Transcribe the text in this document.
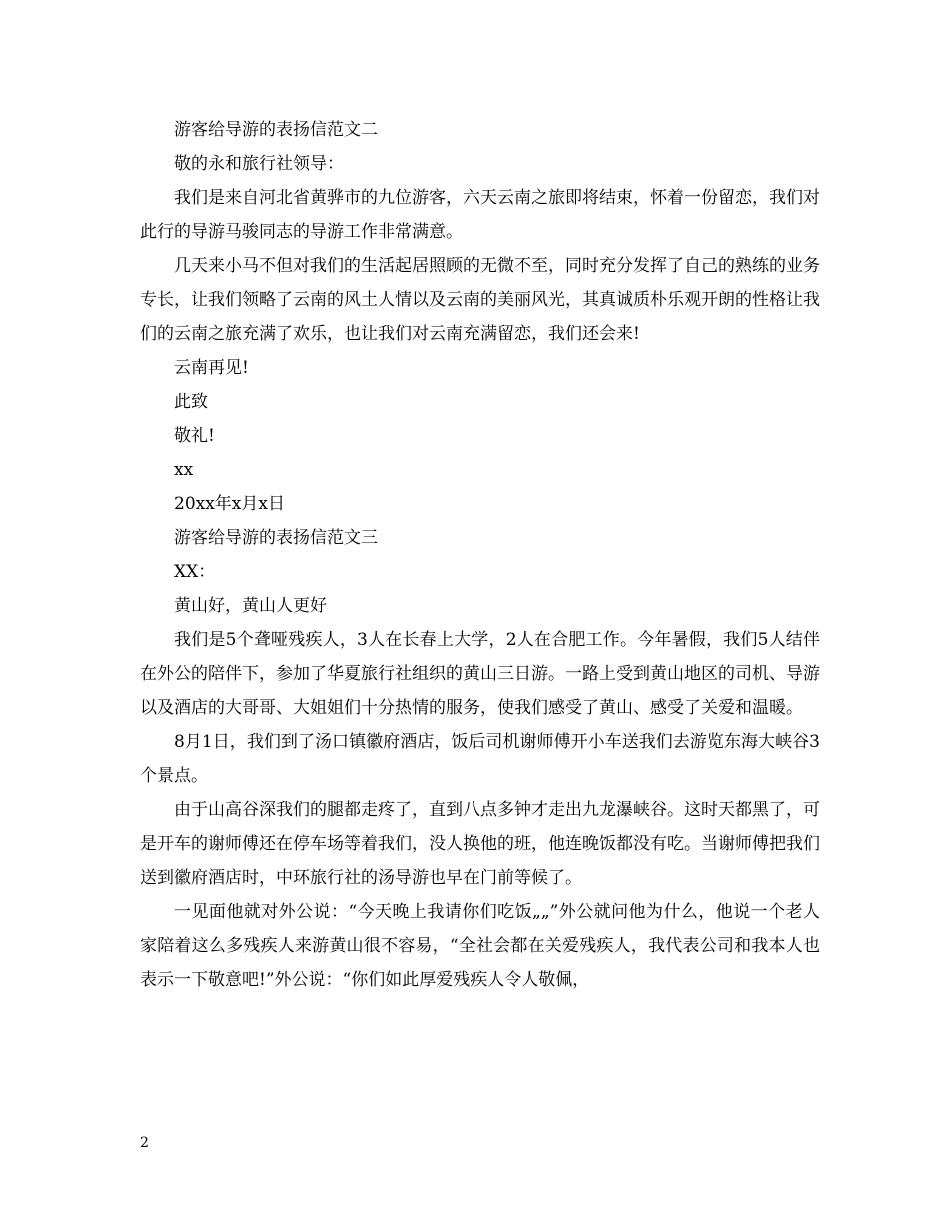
游客给导游的表扬信范文二

敬的永和旅行社领导：

我们是来自河北省黄骅市的九位游客，六天云南之旅即将结束，怀着一份留恋，我们对此行的导游马骏同志的导游工作非常满意。

几天来小马不但对我们的生活起居照顾的无微不至，同时充分发挥了自己的熟练的业务专长，让我们领略了云南的风土人情以及云南的美丽风光，其真诚质朴乐观开朗的性格让我们的云南之旅充满了欢乐，也让我们对云南充满留恋，我们还会来!

云南再见!

此致

敬礼!

xx

20xx年x月x日

游客给导游的表扬信范文三

XX：

黄山好，黄山人更好

我们是5个聋哑残疾人，3人在长春上大学，2人在合肥工作。今年暑假，我们5人结伴在外公的陪伴下，参加了华夏旅行社组织的黄山三日游。一路上受到黄山地区的司机、导游以及酒店的大哥哥、大姐姐们十分热情的服务，使我们感受了黄山、感受了关爱和温暖。

8月1日，我们到了汤口镇徽府酒店，饭后司机谢师傅开小车送我们去游览东海大峡谷3个景点。

由于山高谷深我们的腿都走疼了，直到八点多钟才走出九龙瀑峡谷。这时天都黑了，可是开车的谢师傅还在停车场等着我们，没人换他的班，他连晚饭都没有吃。当谢师傅把我们送到徽府酒店时，中环旅行社的汤导游也早在门前等候了。

一见面他就对外公说：“今天晚上我请你们吃饭„„”外公就问他为什么，他说一个老人家陪着这么多残疾人来游黄山很不容易，“全社会都在关爱残疾人，我代表公司和我本人也表示一下敬意吧!”外公说：“你们如此厚爱残疾人令人敬佩，

2
